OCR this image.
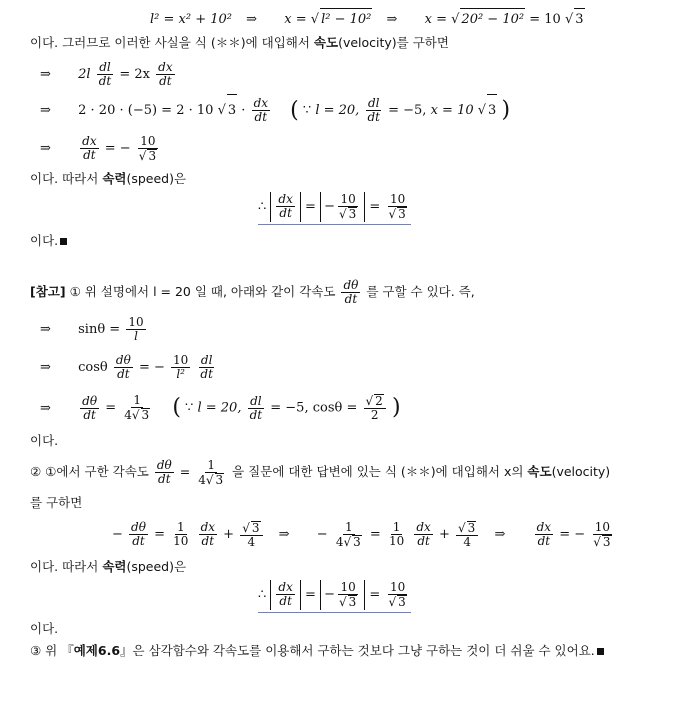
l² = x² + 10² ⇒ x = √ l² − 10² ⇒ x = √ 20² − 10² = 10 √ 3
이다. 그러므로 이러한 사실을 식 (＊＊)에 대입해서 속도(velocity)를 구하면
⇒ $2l \frac{dl}{dt} = 2x \frac{dx}{dt}$
⇒ 2 · 20 · (−5) = 2 · 10 √ $3 \cdot \frac{dx}{dt}$ ( ∵ l = 20, $\frac{dl}{dt} = -5$, x = 10 √ 3 )
⇒ $\frac{dx}{dt}$ = − $\frac{10}{√ 3}$
이다. 따라서 속력(speed)은
∴ $\frac{dx}{dt}$ = − $\frac{10}{√ 3} = \frac{10}{√ 3}$
이다.
[참고] ① 위 설명에서 l = 20 일 때, 아래와 같이 각속도 $\frac{d\theta}{dt}$ 를 구할 수 있다. 즉,
⇒ $\sin\theta = \frac{10}{l}$
⇒ cosθ $\frac{d\theta}{dt}$ = − $\frac{10}{\text{l²}}$
$\frac{dl}{dt}$
⇒ $\frac{d\theta}{dt} = \frac{1}{4√ 3}$ ( ∵ l = 20, $\frac{dl}{dt} = -5$, $\cos\theta = \frac{√ 2}{2}$ )
이다.
② ①에서 구한 각속도 $\frac{d\theta}{dt} = \frac{1}{4√ 3}$ 을 질문에 대한 답변에 있는 식 (＊＊)에 대입해서 x의 속도(velocity)
를 구하면
− $\frac{d\theta}{dt} = \frac{1}{10}$
$\frac{dx}{dt} + \frac{√ 3}{4}$ ⇒ − $\frac{1}{4√ 3} = \frac{1}{10}$
$\frac{dx}{dt} + \frac{√ 3}{4}$ ⇒ $\frac{dx}{dt}$ = − $\frac{10}{√ 3}$
이다. 따라서 속력(speed)은
∴ $\frac{dx}{dt}$ = − $\frac{10}{√ 3} = \frac{10}{√ 3}$
이다.
③ 위 『예제6.6』은 삼각함수와 각속도를 이용해서 구하는 것보다 그냥 구하는 것이 더 쉬울 수 있어요.
